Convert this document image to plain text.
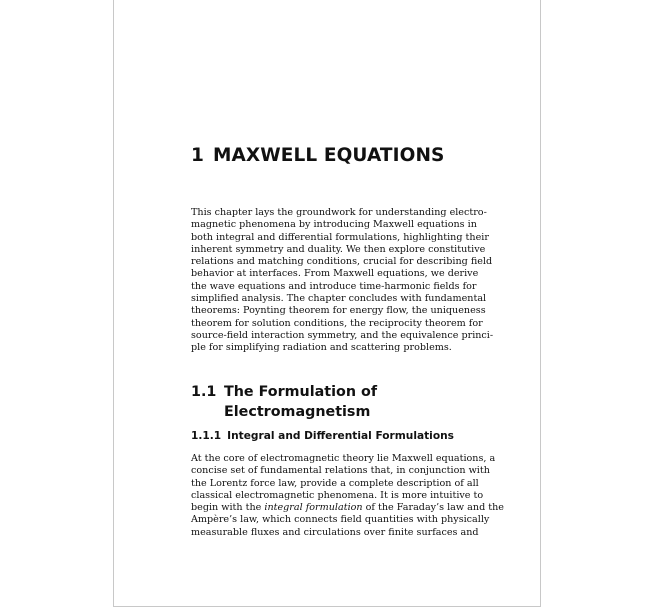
1 MAXWELL EQUATIONS
This chapter lays the groundwork for understanding electro-
magnetic phenomena by introducing Maxwell equations in
both integral and differential formulations, highlighting their
inherent symmetry and duality. We then explore constitutive
relations and matching conditions, crucial for describing field
behavior at interfaces. From Maxwell equations, we derive
the wave equations and introduce time-harmonic fields for
simplified analysis. The chapter concludes with fundamental
theorems: Poynting theorem for energy flow, the uniqueness
theorem for solution conditions, the reciprocity theorem for
source-field interaction symmetry, and the equivalence princi-
ple for simplifying radiation and scattering problems.
1.1 The Formulation of
Electromagnetism
1.1.1 Integral and Differential Formulations
At the core of electromagnetic theory lie Maxwell equations, a
concise set of fundamental relations that, in conjunction with
the Lorentz force law, provide a complete description of all
classical electromagnetic phenomena. It is more intuitive to
begin with the integral formulation of the Faraday’s law and the
Ampère’s law, which connects field quantities with physically
measurable fluxes and circulations over finite surfaces and
